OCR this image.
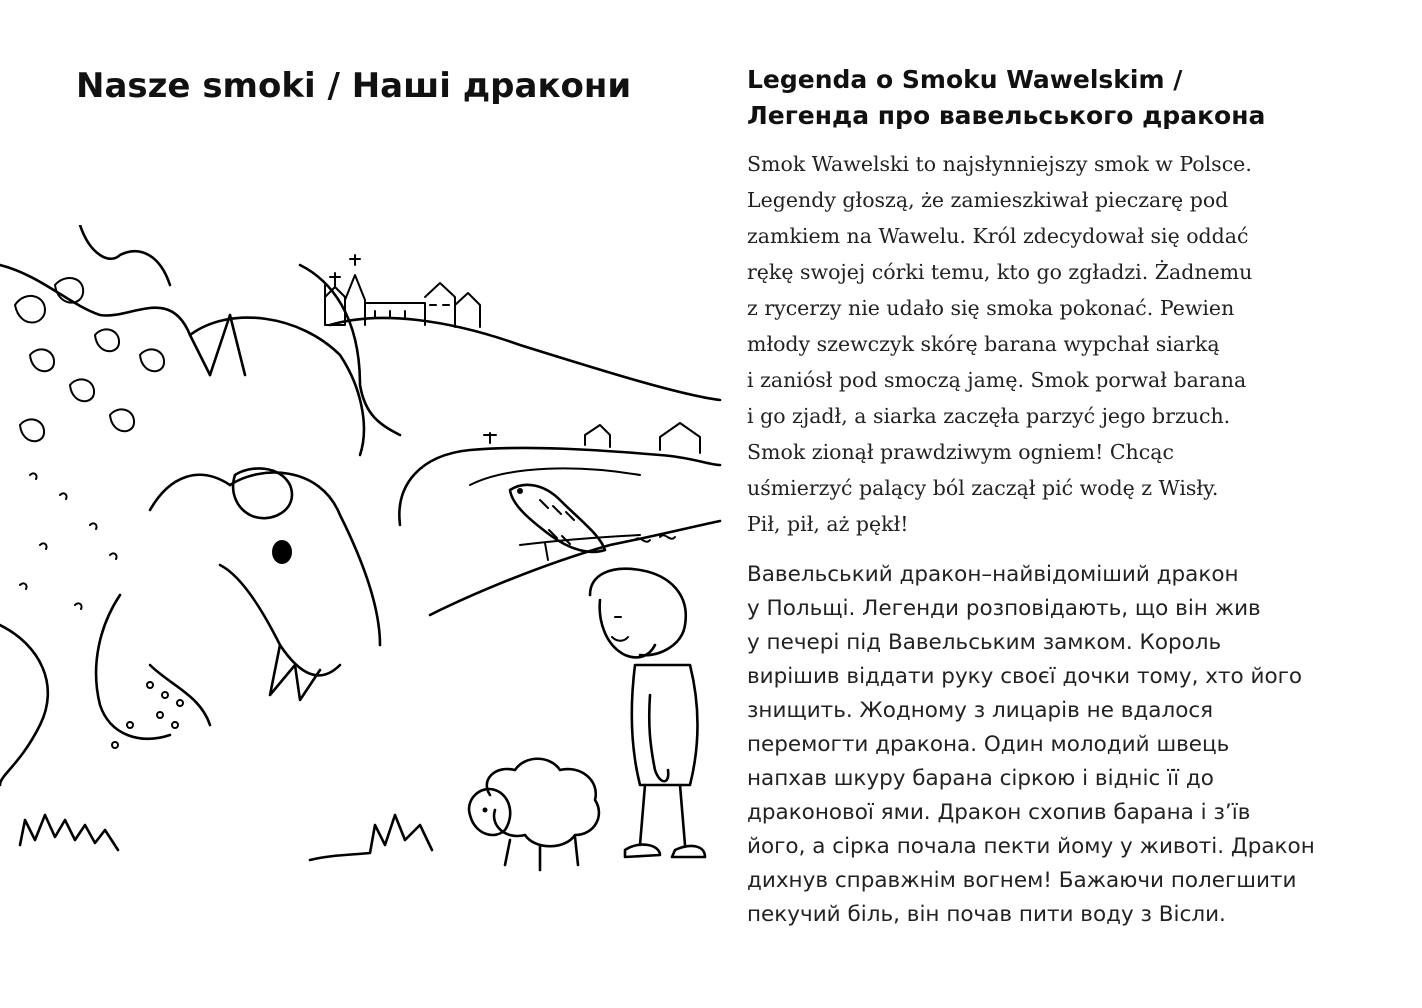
Nasze smoki / Наші дракони	Legenda o Smoku Wawelskim /
Легенда про вавельського дракона

Smok Wawelski to najsłynniejszy smok w Polsce.
Legendy głoszą, że zamieszkiwał pieczarę pod
zamkiem na Wawelu. Król zdecydował się oddać
rękę swojej córki temu, kto go zgładzi. Żadnemu
z rycerzy nie udało się smoka pokonać. Pewien
młody szewczyk skórę barana wypchał siarką
i zaniósł pod smoczą jamę. Smok porwał barana
i go zjadł, a siarka zaczęła parzyć jego brzuch.
Smok zionął prawdziwym ogniem! Chcąc
uśmierzyć palący ból zaczął pić wodę z Wisły.
Pił, pił, aż pękł!

Вавельський дракон–найвідоміший дракон
у Польщі. Легенди розповідають, що він жив
у печері під Вавельським замком. Король
вирішив віддати руку своєї дочки тому, хто його
знищить. Жодному з лицарів не вдалося
перемогти дракона. Один молодий швець
напхав шкуру барана сіркою і відніс її до
драконової ями. Дракон схопив барана і з’їв
його, а сірка почала пекти йому у животі. Дракон
дихнув справжнім вогнем! Бажаючи полегшити
пекучий біль, він почав пити воду з Вісли.
